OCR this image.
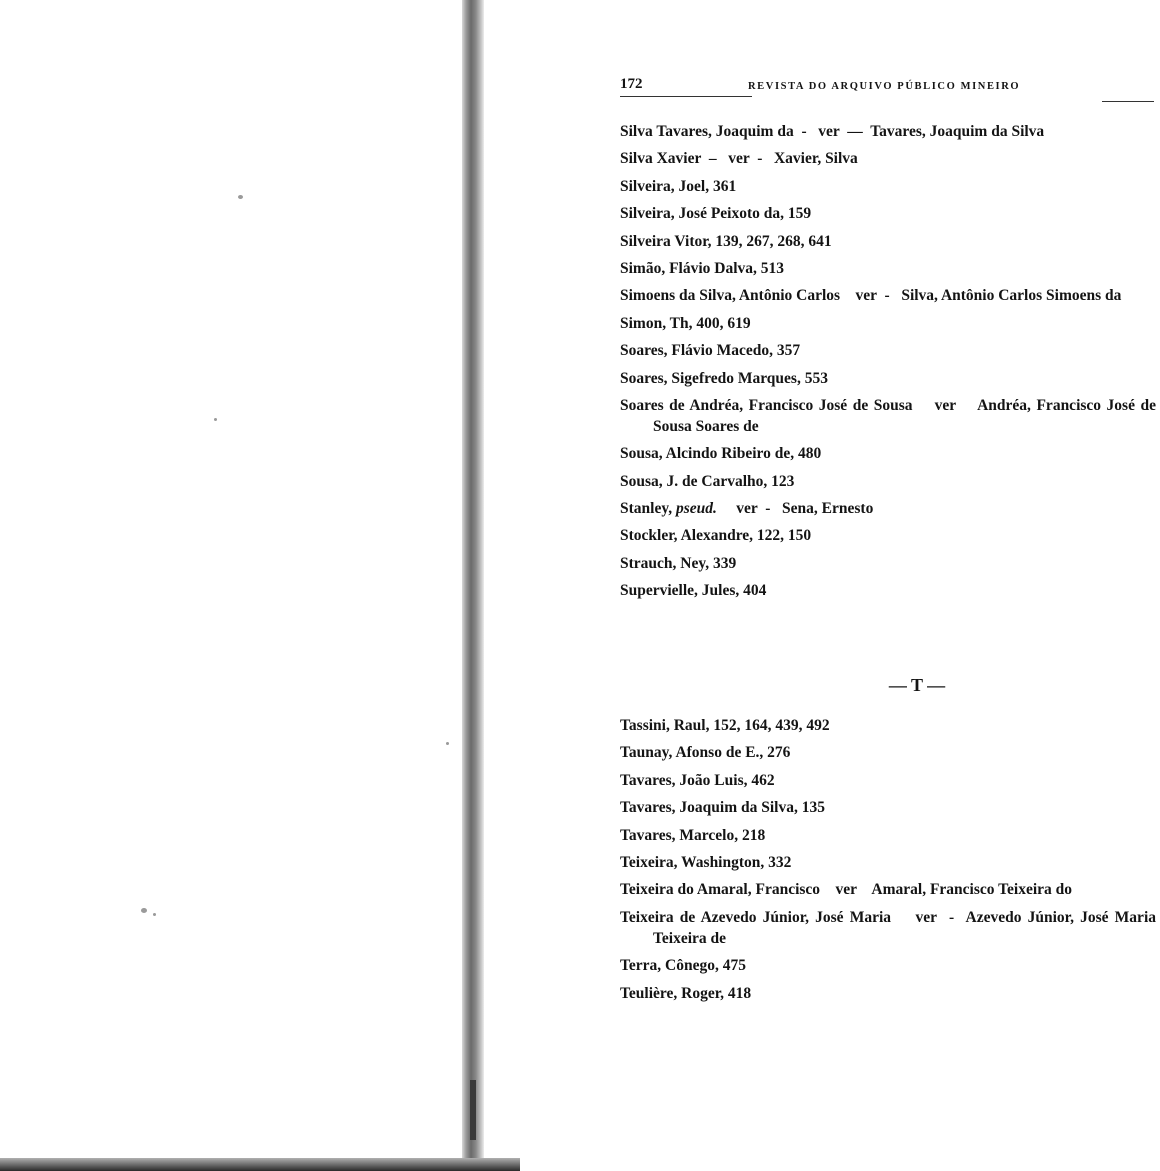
172	REVISTA DO ARQUIVO PÚBLICO MINEIRO
Silva Tavares, Joaquim da  -   ver  —  Tavares, Joaquim da Silva
Silva Xavier  –   ver  -   Xavier, Silva
Silveira, Joel, 361
Silveira, José Peixoto da, 159
Silveira Vitor, 139, 267, 268, 641
Simão, Flávio Dalva, 513
Simoens da Silva, Antônio Carlos    ver  -   Silva, Antônio Carlos Simoens da
Simon, Th, 400, 619
Soares, Flávio Macedo, 357
Soares, Sigefredo Marques, 553
Soares de Andréa, Francisco José de Sousa    ver    Andréa, Francisco José de Sousa Soares de
Sousa, Alcindo Ribeiro de, 480
Sousa, J. de Carvalho, 123
Stanley, pseud.     ver  -   Sena, Ernesto
Stockler, Alexandre, 122, 150
Strauch, Ney, 339
Supervielle, Jules, 404
— T —
Tassini, Raul, 152, 164, 439, 492
Taunay, Afonso de E., 276
Tavares, João Luis, 462
Tavares, Joaquim da Silva, 135
Tavares, Marcelo, 218
Teixeira, Washington, 332
Teixeira do Amaral, Francisco    ver    Amaral, Francisco Teixeira do
Teixeira de Azevedo Júnior, José Maria    ver  -  Azevedo Júnior, José Maria Teixeira de
Terra, Cônego, 475
Teulière, Roger, 418
